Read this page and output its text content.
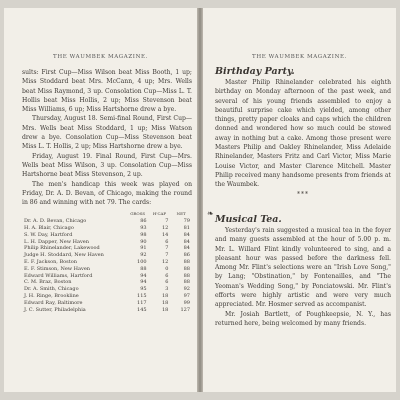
THE WAUMBEK MAGAZINE.

sults: First Cup—Miss Wilson beat Miss Booth, 1 up; Miss Stoddard beat Mrs. McCann, 4 up; Mrs. Wells beat Miss Raymond, 3 up. Consolation Cup—Miss L. T. Hollis beat Miss Hollis, 2 up; Miss Stevenson beat Miss Williams, 6 up; Miss Hartshorne drew a bye.

Thursday, August 18. Semi-final Round, First Cup—Mrs. Wells beat Miss Stoddard, 1 up; Miss Watson drew a bye. Consolation Cup—Miss Stevenson beat Miss L. T. Hollis, 2 up; Miss Hartshorne drew a bye.

Friday, August 19. Final Round, First Cup—Mrs. Wells beat Miss Wilson, 3 up. Consolation Cup—Miss Hartshorne beat Miss Stevenson, 2 up.

The men's handicap this week was played on Friday, Dr. A. D. Bevan, of Chicago, making the round in 86 and winning with net 79. The cards:

	GROSS	H'CAP	NET
Dr. A. D. Bevan, Chicago	86	7	79
H. A. Blair, Chicago	93	12	81
S. W. Day, Hartford	98	14	84
L. H. Dapper, New Haven	90	6	84
Philip Rhinelander, Lakewood	91	7	84
Judge H. Stoddard, New Haven	92	7	86
E. F. Jackson, Boston	100	12	88
E. F. Stimson, New Haven	88	0	88
Edward Williams, Hartford	94	6	88
C. M. Braz, Boston	94	6	88
Dr. A. Smith, Chicago	95	3	92
J. H. Ringe, Brookline	115	18	97
Edward Ray, Baltimore	117	18	99
J. C. Sutter, Philadelphia	145	18	127
THE WAUMBEK MAGAZINE.
Birthday Party.

Master Philip Rhinelander celebrated his eighth birthday on Monday afternoon of the past week, and several of his young friends assembled to enjoy a beautiful surprise cake which yielded, among other things, pretty paper cloaks and caps which the children donned and wondered how so much could be stowed away in nothing but a cake. Among those present were Masters Philip and Oakley Rhinelander, Miss Adelaide Rhinelander, Masters Fritz and Carl Victor, Miss Marie Louise Victor, and Master Clarence Mitchell. Master Philip received many handsome presents from friends at the Waumbek.

***
❧
Musical Tea.

Yesterday's rain suggested a musical tea in the foyer and many guests assembled at the hour of 5.00 p. m. Mr. L. Willard Flint kindly volunteered to sing, and a pleasant hour was passed before the darkness fell. Among Mr. Flint's selections were an "Irish Love Song," by Lang; "Obstination," by Fontenailles, and "The Yeoman's Wedding Song," by Ponciatowski. Mr. Flint's efforts were highly artistic and were very much appreciated. Mr. Hosmer served as accompanist.

Mr. Josiah Bartlett, of Poughkeepsie, N. Y., has returned here, being welcomed by many friends.
